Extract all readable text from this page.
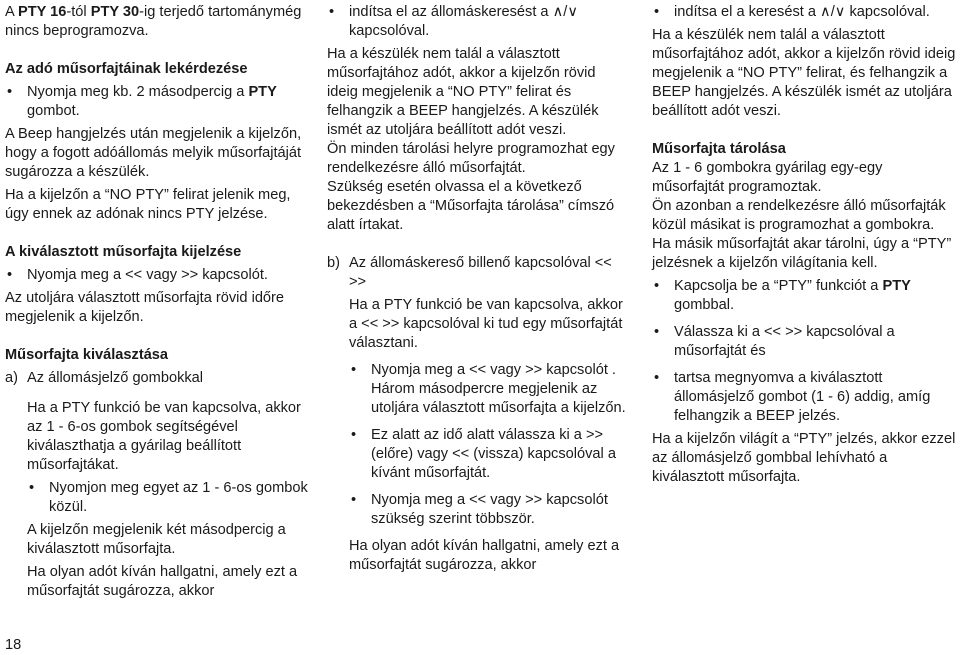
A PTY 16-tól PTY 30-ig terjedő tartománymég nincs beprogramozva.

Az adó műsorfajtáinak lekérdezése

• Nyomja meg kb. 2 másodpercig a PTY gombot.

A Beep hangjelzés után megjelenik a kijelzőn, hogy a fogott adóállomás melyik műsorfajtáját sugározza a készülék.

Ha a kijelzőn a “NO PTY” felirat jelenik meg, úgy ennek az adónak nincs PTY jelzése.

A kiválasztott műsorfajta kijelzése

• Nyomja meg a << vagy >> kapcsolót.

Az utoljára választott műsorfajta rövid időre megjelenik a kijelzőn.

Műsorfajta kiválasztása

a) Az állomásjelző gombokkal

Ha a PTY funkció be van kapcsolva, akkor az 1 - 6-os gombok segítségével kiválaszthatja a gyárilag beállított műsorfajtákat.

• Nyomjon meg egyet az 1 - 6-os gombok közül.

A kijelzőn megjelenik két másodpercig a kiválasztott műsorfajta.

Ha olyan adót kíván hallgatni, amely ezt a műsorfajtát sugározza, akkor

• indítsa el az állomáskeresést a ∧/∨ kapcsolóval.

Ha a készülék nem talál a választott műsorfajtához adót, akkor a kijelzőn rövid ideig megjelenik a “NO PTY” felirat és felhangzik a BEEP hangjelzés. A készülék ismét az utoljára beállított adót veszi.

Ön minden tárolási helyre programozhat egy rendelkezésre álló műsorfajtát.

Szükség esetén olvassa el a következő bekezdésben a “Műsorfajta tárolása” címszó alatt írtakat.

b) Az állomáskereső billenő kapcsolóval << >>

Ha a PTY funkció be van kapcsolva, akkor a << >> kapcsolóval ki tud egy műsorfajtát választani.

• Nyomja meg a << vagy >> kapcsolót . Három másodpercre megjelenik az utoljára választott műsorfajta a kijelzőn.
• Ez alatt az idő alatt válassza ki a >> (előre) vagy << (vissza) kapcsolóval a kívánt műsorfajtát.
• Nyomja meg a << vagy >> kapcsolót szükség szerint többször.

Ha olyan adót kíván hallgatni, amely ezt a műsorfajtát sugározza, akkor

• indítsa el a keresést a ∧/∨ kapcsolóval.

Ha a készülék nem talál a választott műsorfajtához adót, akkor a kijelzőn rövid ideig megjelenik a “NO PTY” felirat, és felhangzik a BEEP hangjelzés. A készülék ismét az utoljára beállított adót veszi.

Műsorfajta tárolása

Az 1 - 6 gombokra gyárilag egy-egy műsorfajtát programoztak.

Ön azonban a rendelkezésre álló műsorfajták közül másikat is programozhat a gombokra.

Ha másik műsorfajtát akar tárolni, úgy a “PTY” jelzésnek a kijelzőn világítania kell.

• Kapcsolja be a “PTY” funkciót a PTY gombbal.
• Válassza ki a << >> kapcsolóval a műsorfajtát és
• tartsa megnyomva a kiválasztott állomásjelző gombot (1 - 6) addig, amíg felhangzik a BEEP jelzés.

Ha a kijelzőn világít a “PTY” jelzés, akkor ezzel az állomásjelző gombbal lehívható a kiválasztott műsorfajta.

18
